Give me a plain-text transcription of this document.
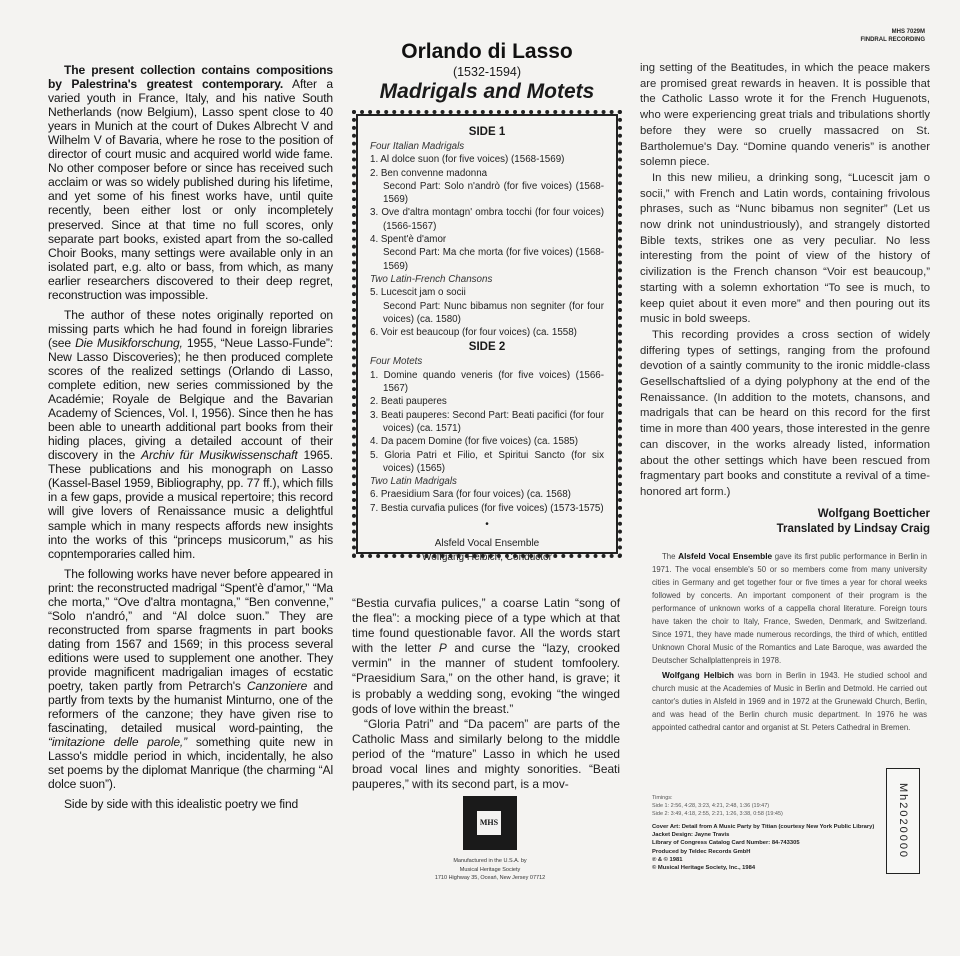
MHS 7029M
FINDRAL RECORDING

The present collection contains compositions by Palestrina's greatest contemporary. After a varied youth in France, Italy, and his native South Netherlands (now Belgium), Lasso spent close to 40 years in Munich at the court of Dukes Albrecht V and Wilhelm V of Bavaria, where he rose to the position of director of court music and acquired world wide fame. No other composer before or since has received such acclaim or was so widely published during his lifetime, and yet some of his finest works have, until quite recently, been either lost or only incompletely preserved. Since at that time no full scores, only separate part books, existed apart from the so-called Choir Books, many settings were available only in an isolated part, e.g. alto or bass, from which, as many earlier researchers discovered to their deep regret, reconstruction was impossible.

The author of these notes originally reported on missing parts which he had found in foreign libraries (see Die Musikforschung, 1955, “Neue Lasso-Funde”: New Lasso Discoveries); he then produced complete scores of the realized settings (Orlando di Lasso, complete edition, new series commissioned by the Académie; Royale de Belgique and the Bavarian Academy of Sciences, Vol. I, 1956). Since then he has been able to unearth additional part books from their hiding places, giving a detailed account of their discovery in the Archiv für Musikwissenschaft 1965. These publications and his monograph on Lasso (Kassel-Basel 1959, Bibliography, pp. 77 ff.), which fills in a few gaps, provide a musical repertoire; this record will give lovers of Renaissance music a delightful sample which in many respects affords new insights into the works of this “princeps musicorum,” as his copntemporaries called him.

The following works have never before appeared in print: the reconstructed madrigal “Spent'è d'amor,” “Ma che morta,” “Ove d'altra montagna,” “Ben convenne,” “Solo n'andró,” and “Al dolce suon.” They are reconstructed from sparse fragments in part books dating from 1567 and 1569; in this process several editions were used to supplement one another. They provide magnificent madrigalian images of ecstatic poetry, taken partly from Petrarch's Canzoniere and partly from texts by the humanist Minturno, one of the reformers of the canzone; they have given rise to fascinating, detailed musical word-painting, the “imitazione delle parole,” something quite new in Lasso's middle period in which, incidentally, he also set poems by the diplomat Manrique (the charming “Al dolce suon”).

Side by side with this idealistic poetry we find

Orlando di Lasso
(1532-1594)
Madrigals and Motets
SIDE 1
Four Italian Madrigals
1. Al dolce suon (for five voices) (1568-1569)
2. Ben convenne madonna
Second Part: Solo n'andrò (for five voices) (1568-1569)
3. Ove d'altra montagn' ombra tocchi (for four voices) (1566-1567)
4. Spent'è d'amor
Second Part: Ma che morta (for five voices) (1568-1569)
Two Latin-French Chansons
5. Lucescit jam o socii
Second Part: Nunc bibamus non segniter (for four voices) (ca. 1580)
6. Voir est beaucoup (for four voices) (ca. 1558)
SIDE 2
Four Motets
1. Domine quando veneris (for five voices) (1566-1567)
2. Beati pauperes
3. Beati pauperes: Second Part: Beati pacifici (for four voices) (ca. 1571)
4. Da pacem Domine (for five voices) (ca. 1585)
5. Gloria Patri et Filio, et Spiritui Sancto (for six voices) (1565)
Two Latin Madrigals
6. Praesidium Sara (for four voices) (ca. 1568)
7. Bestia curvafia pulices (for five voices) (1573-1575)
•
Alsfeld Vocal Ensemble
Wolfgang Helbich, Conductor

“Bestia curvafia pulices,” a coarse Latin “song of the flea”: a mocking piece of a type which at that time found questionable favor. All the words start with the letter P and curse the “lazy, crooked vermin” in the manner of student tomfoolery. “Praesidium Sara,” on the other hand, is grave; it is probably a wedding song, evoking “the winged gods of love within the breast.”

“Gloria Patri” and “Da pacem” are parts of the Catholic Mass and similarly belong to the middle period of the “mature” Lasso in which he used broad vocal lines and mighty sonorities. “Beati pauperes,” with its second part, is a mov-

MHS
Manufactured in the U.S.A. by
Musical Heritage Society
1710 Highway 35, Oceań, New Jersey 07712

ing setting of the Beatitudes, in which the peace makers are promised great rewards in heaven. It is possible that the Catholic Lasso wrote it for the French Huguenots, who were experiencing great trials and tribulations shortly before they were so cruelly massacred on St. Bartholemue's Day. “Domine quando veneris” is another solemn piece.

In this new milieu, a drinking song, “Lucescit jam o socii,” with French and Latin words, containing frivolous phrases, such as “Nunc bibamus non segniter” (Let us now drink not unindustriously), and strangely distorted Bible texts, strikes one as very peculiar. No less interesting from the point of view of the history of civilization is the French chanson “Voir est beaucoup,” starting with a solemn exhortation “To see is much, to keep quiet about it even more” and then pouring out its music in bold sweeps.

This recording provides a cross section of widely differing types of settings, ranging from the profound devotion of a saintly community to the ironic middle-class Gesellschaftslied of a dying polyphony at the end of the Renaissance. (In addition to the motets, chansons, and madrigals that can be heard on this record for the first time in more than 400 years, those interested in the genre can discover, in the works already listed, information about the other settings which have been rescued from fragmentary part books and constitute a revival of a time-honored art form.)

Wolfgang Boetticher
Translated by Lindsay Craig

The Alsfeld Vocal Ensemble gave its first public performance in Berlin in 1971. The vocal ensemble's 50 or so members come from many university cities in Germany and get together four or five times a year for choral weeks followed by concerts. An important component of their program is the performance of unknown works of a cappella choral literature. Foreign tours have taken the choir to Italy, France, Sweden, Denmark, and Switzerland. Since 1971, they have made numerous recordings, the third of which, entitled Unknown Choral Music of the Romantics and Late Baroque, was awarded the Deutscher Schallplattenpreis in 1978.

Wolfgang Helbich was born in Berlin in 1943. He studied school and church music at the Academies of Music in Berlin and Detmold. He carried out cantor's duties in Alsfeld in 1969 and in 1972 at the Grunewald Church, Berlin, and was head of the Berlin church music department. In 1976 he was appointed cathedral cantor and organist at St. Peters Cathedral in Bremen.

Timings:
Side 1: 2:56, 4:28, 3:23, 4:21, 2:48, 1:36 (19:47)
Side 2: 3:49, 4:18, 2:55, 2:21, 1:26, 3:38, 0:58 (19:45)
Cover Art: Detail from A Music Party by Titian (courtesy New York Public Library)
Jacket Design: Jayne Travis
Library of Congress Catalog Card Number: 84-743305
Produced by Teldec Records GmbH
℗ & © 1981
© Musical Heritage Society, Inc., 1984
Mh2020000
